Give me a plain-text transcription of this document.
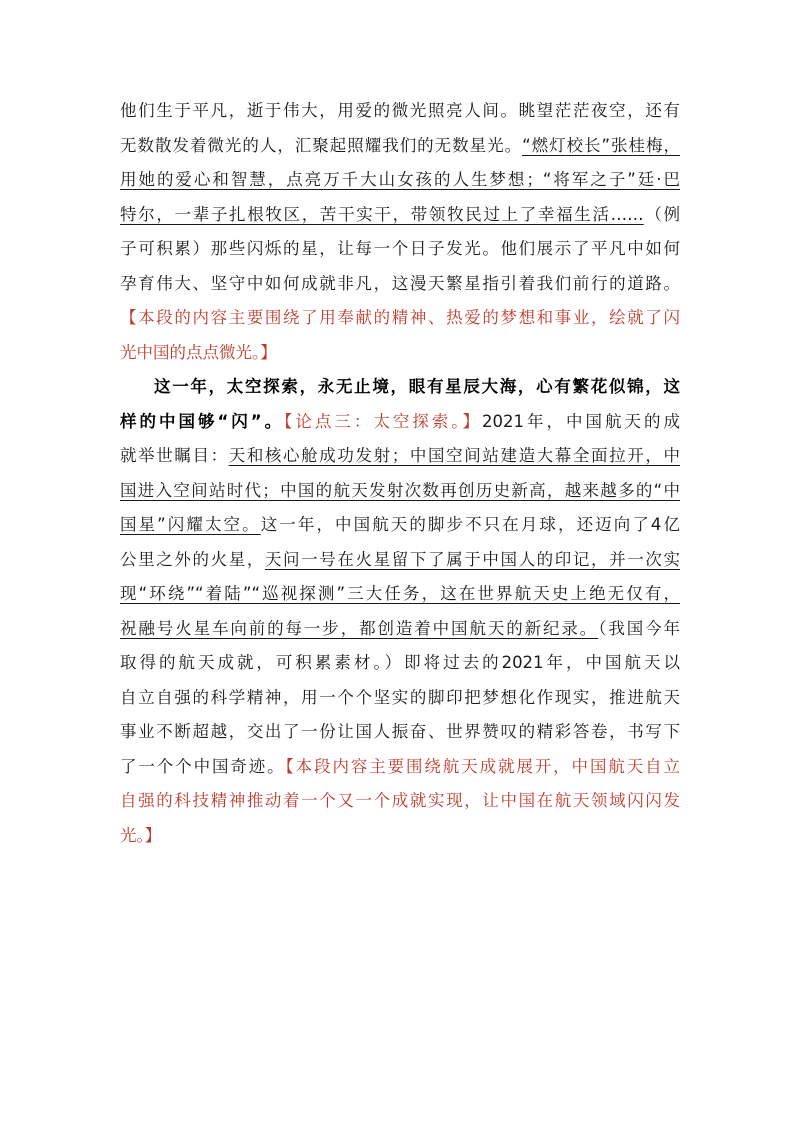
他们生于平凡，逝于伟大，用爱的微光照亮人间。眺望茫茫夜空，还有
无数散发着微光的人，汇聚起照耀我们的无数星光。“燃灯校长”张桂梅，
用她的爱心和智慧，点亮万千大山女孩的人生梦想；“将军之子”廷·巴
特尔，一辈子扎根牧区，苦干实干，带领牧民过上了幸福生活……（例
子可积累）那些闪烁的星，让每一个日子发光。他们展示了平凡中如何
孕育伟大、坚守中如何成就非凡，这漫天繁星指引着我们前行的道路。
【本段的内容主要围绕了用奉献的精神、热爱的梦想和事业，绘就了闪
光中国的点点微光。】
这一年，太空探索，永无止境，眼有星辰大海，心有繁花似锦，这
样的中国够“闪”。【论点三：太空探索。】2021年，中国航天的成
就举世瞩目：天和核心舱成功发射；中国空间站建造大幕全面拉开，中
国进入空间站时代；中国的航天发射次数再创历史新高，越来越多的“中
国星”闪耀太空。这一年，中国航天的脚步不只在月球，还迈向了4亿
公里之外的火星，天问一号在火星留下了属于中国人的印记，并一次实
现“环绕”“着陆”“巡视探测”三大任务，这在世界航天史上绝无仅有，
祝融号火星车向前的每一步，都创造着中国航天的新纪录。（我国今年
取得的航天成就，可积累素材。）即将过去的2021年，中国航天以
自立自强的科学精神，用一个个坚实的脚印把梦想化作现实，推进航天
事业不断超越，交出了一份让国人振奋、世界赞叹的精彩答卷，书写下
了一个个中国奇迹。【本段内容主要围绕航天成就展开，中国航天自立
自强的科技精神推动着一个又一个成就实现，让中国在航天领域闪闪发
光。】
